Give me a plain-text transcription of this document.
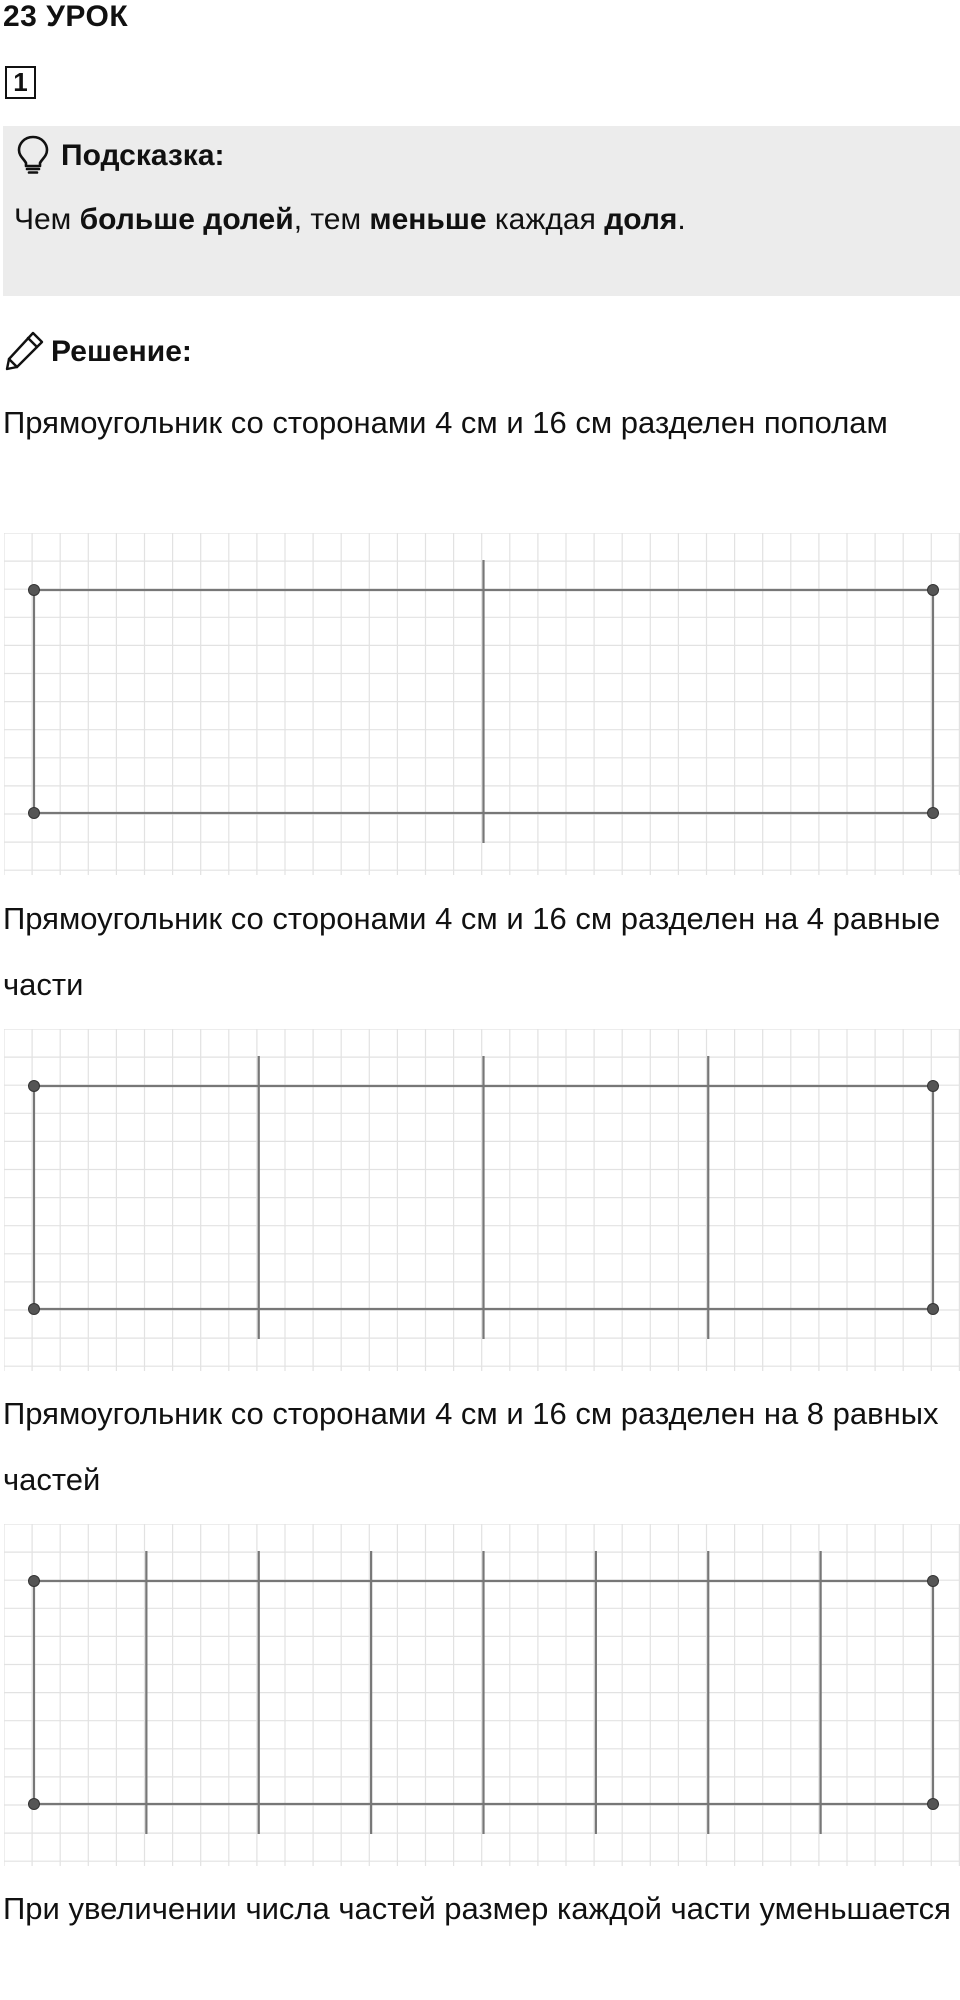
23 УРОК
1
Подсказка:
Чем больше долей, тем меньше каждая доля.
Решение:

Прямоугольник со сторонами 4 см и 16 см разделен пополам

Прямоугольник со сторонами 4 см и 16 см разделен на 4 равные части

Прямоугольник со сторонами 4 см и 16 см разделен на 8 равных частей

При увеличении числа частей размер каждой части уменьшается
